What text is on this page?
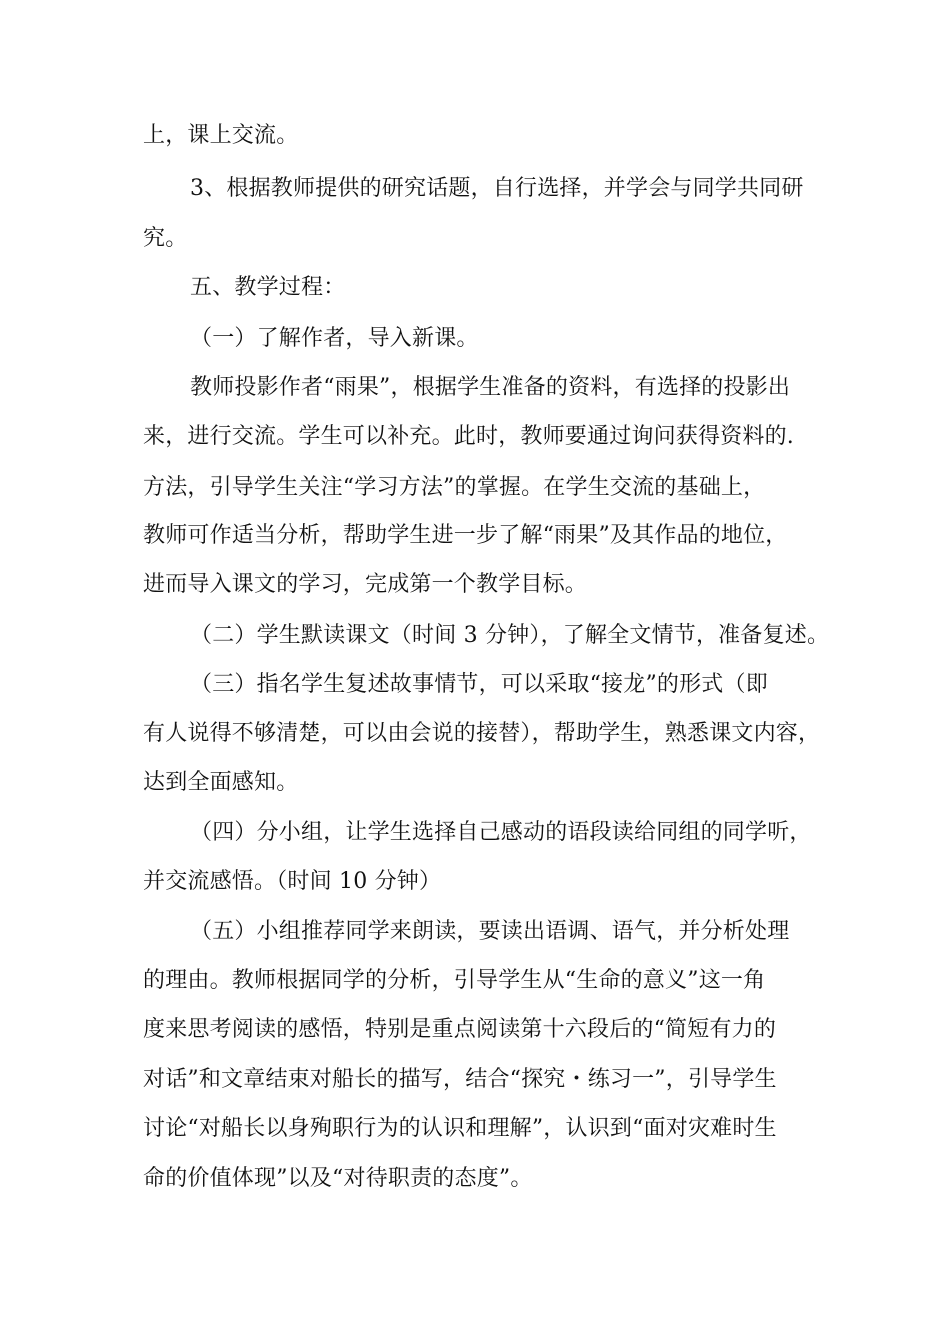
上，课上交流。
3、根据教师提供的研究话题，自行选择，并学会与同学共同研
究。
五、教学过程：
（一）了解作者，导入新课。
教师投影作者“雨果”，根据学生准备的资料，有选择的投影出
来，进行交流。学生可以补充。此时，教师要通过询问获得资料的.
方法，引导学生关注“学习方法”的掌握。在学生交流的基础上，
教师可作适当分析，帮助学生进一步了解“雨果”及其作品的地位，
进而导入课文的学习，完成第一个教学目标。
（二）学生默读课文（时间 3 分钟），了解全文情节，准备复述。
（三）指名学生复述故事情节，可以采取“接龙”的形式（即
有人说得不够清楚，可以由会说的接替），帮助学生，熟悉课文内容，
达到全面感知。
（四）分小组，让学生选择自己感动的语段读给同组的同学听，
并交流感悟。（时间 10 分钟）
（五）小组推荐同学来朗读，要读出语调、语气，并分析处理
的理由。教师根据同学的分析，引导学生从“生命的意义”这一角
度来思考阅读的感悟，特别是重点阅读第十六段后的“简短有力的
对话”和文章结束对船长的描写，结合“探究・练习一”，引导学生
讨论“对船长以身殉职行为的认识和理解”，认识到“面对灾难时生
命的价值体现”以及“对待职责的态度”。
